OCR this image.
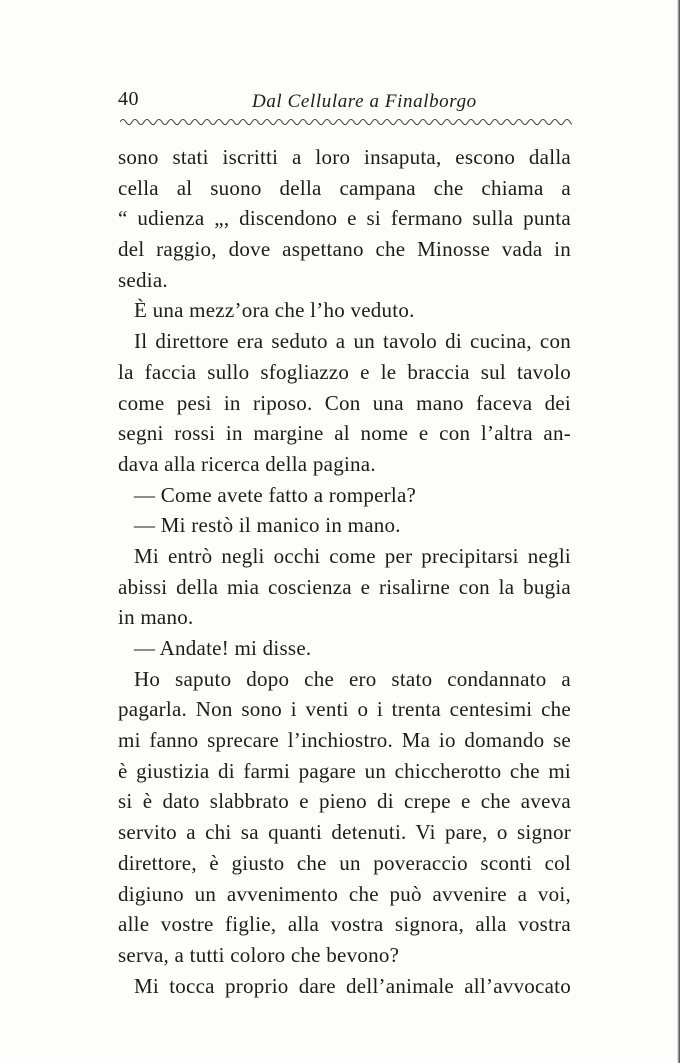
40	Dal Cellulare a Finalborgo
sono stati iscritti a loro insaputa, escono dalla
cella al suono della campana che chiama a
“ udienza „, discendono e si fermano sulla punta
del raggio, dove aspettano che Minosse vada in
sedia.
È una mezz’ora che l’ho veduto.
Il direttore era seduto a un tavolo di cucina, con
la faccia sullo sfogliazzo e le braccia sul tavolo
come pesi in riposo. Con una mano faceva dei
segni rossi in margine al nome e con l’altra an-
dava alla ricerca della pagina.
— Come avete fatto a romperla?
— Mi restò il manico in mano.
Mi entrò negli occhi come per precipitarsi negli
abissi della mia coscienza e risalirne con la bugia
in mano.
— Andate! mi disse.
Ho saputo dopo che ero stato condannato a
pagarla. Non sono i venti o i trenta centesimi che
mi fanno sprecare l’inchiostro. Ma io domando se
è giustizia di farmi pagare un chiccherotto che mi
si è dato slabbrato e pieno di crepe e che aveva
servito a chi sa quanti detenuti. Vi pare, o signor
direttore, è giusto che un poveraccio sconti col
digiuno un avvenimento che può avvenire a voi,
alle vostre figlie, alla vostra signora, alla vostra
serva, a tutti coloro che bevono?
Mi tocca proprio dare dell’animale all’avvocato
